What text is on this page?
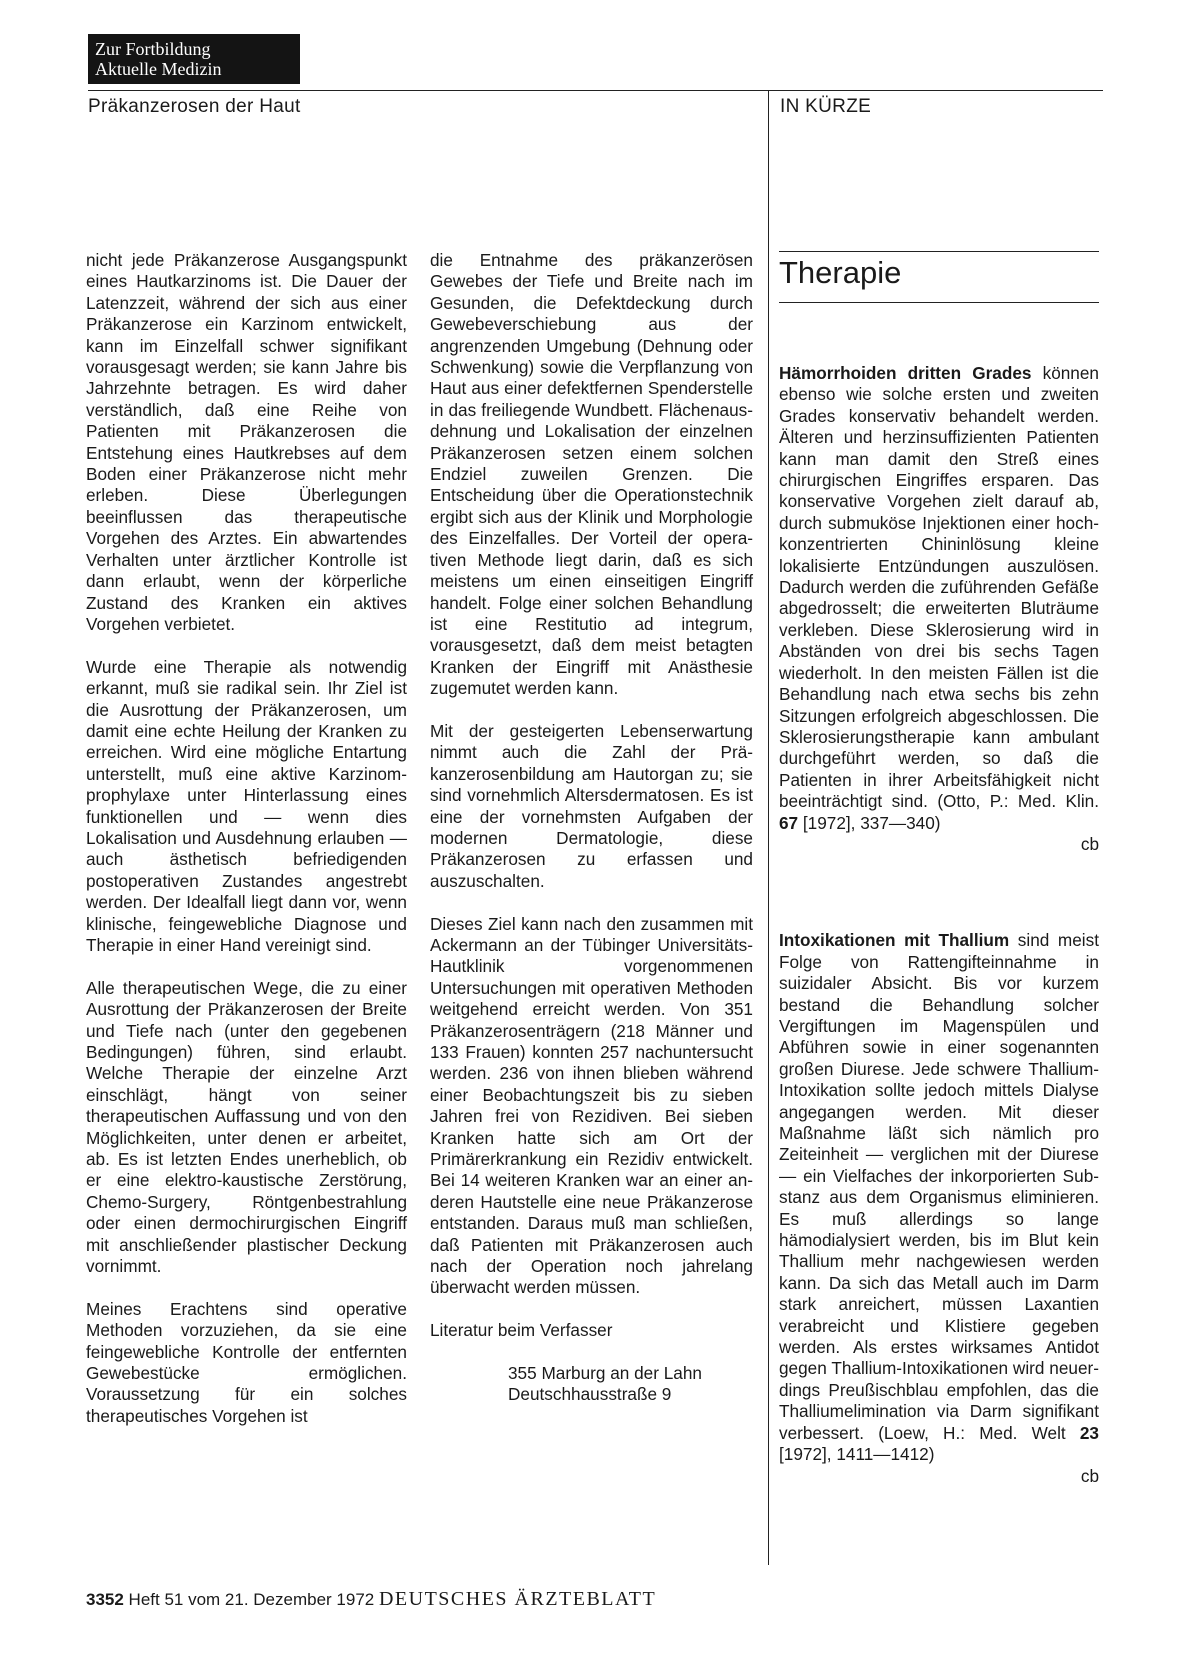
Zur Fortbildung
Aktuelle Medizin
Präkanzerosen der Haut	IN KÜRZE

nicht jede Präkanzerose Ausgangspunkt eines Hautkarzinoms ist. Die Dauer der Latenzzeit, während der sich aus einer Präkanzerose ein Karzinom entwickelt, kann im Einzelfall schwer signifikant vorausgesagt werden; sie kann Jahre bis Jahrzehnte betragen. Es wird daher verständlich, daß eine Reihe von Patienten mit Präkanzerosen die Entstehung eines Hautkrebses auf dem Boden einer Präkanzerose nicht mehr erleben. Diese Überlegungen beeinflussen das therapeutische Vorgehen des Arztes. Ein abwartendes Verhalten unter ärztlicher Kontrolle ist dann erlaubt, wenn der körperliche Zustand des Kranken ein aktives Vorgehen verbietet.

Wurde eine Therapie als notwendig erkannt, muß sie radikal sein. Ihr Ziel ist die Ausrottung der Präkanzerosen, um damit eine echte Heilung der Kranken zu erreichen. Wird eine mögliche Entartung unterstellt, muß eine aktive Karzinomprophylaxe unter Hinterlassung eines funktionellen und — wenn dies Lokalisation und Ausdehnung erlauben — auch ästhetisch befriedigenden postoperativen Zustandes angestrebt werden. Der Idealfall liegt dann vor, wenn klinische, feingewebliche Diagnose und Therapie in einer Hand vereinigt sind.

Alle therapeutischen Wege, die zu einer Ausrottung der Präkanzerosen der Breite und Tiefe nach (unter den gegebenen Bedingungen) führen, sind erlaubt. Welche Therapie der einzelne Arzt einschlägt, hängt von seiner therapeutischen Auffassung und von den Möglichkeiten, unter denen er arbeitet, ab. Es ist letzten Endes unerheblich, ob er eine elektro-kaustische Zerstörung, Chemo-Surgery, Röntgenbestrahlung oder einen dermochirurgischen Eingriff mit anschließender plastischer Deckung vornimmt.

Meines Erachtens sind operative Methoden vorzuziehen, da sie eine feingewebliche Kontrolle der entfernten Gewebestücke ermöglichen. Voraussetzung für ein solches therapeutisches Vorgehen ist

die Entnahme des präkanzerösen Gewebes der Tiefe und Breite nach im Gesunden, die Defektdeckung durch Gewebeverschiebung aus der angrenzenden Umgebung (Dehnung oder Schwenkung) sowie die Verpflanzung von Haut aus einer defektfernen Spenderstelle in das freiliegende Wundbett. Flächenausdehnung und Lokalisation der einzelnen Präkanzerosen setzen einem solchen Endziel zuweilen Grenzen. Die Entscheidung über die Operationstechnik ergibt sich aus der Klinik und Morphologie des Einzelfalles. Der Vorteil der operativen Methode liegt darin, daß es sich meistens um einen einseitigen Eingriff handelt. Folge einer solchen Behandlung ist eine Restitutio ad integrum, vorausgesetzt, daß dem meist betagten Kranken der Eingriff mit Anästhesie zugemutet werden kann.

Mit der gesteigerten Lebenserwartung nimmt auch die Zahl der Präkanzerosenbildung am Hautorgan zu; sie sind vornehmlich Altersdermatosen. Es ist eine der vornehmsten Aufgaben der modernen Dermatologie, diese Präkanzerosen zu erfassen und auszuschalten.

Dieses Ziel kann nach den zusammen mit Ackermann an der Tübinger Universitäts-Hautklinik vorgenommenen Untersuchungen mit operativen Methoden weitgehend erreicht werden. Von 351 Präkanzerosenträgern (218 Männer und 133 Frauen) konnten 257 nachuntersucht werden. 236 von ihnen blieben während einer Beobachtungszeit bis zu sieben Jahren frei von Rezidiven. Bei sieben Kranken hatte sich am Ort der Primärerkrankung ein Rezidiv entwickelt. Bei 14 weiteren Kranken war an einer anderen Hautstelle eine neue Präkanzerose entstanden. Daraus muß man schließen, daß Patienten mit Präkanzerosen auch nach der Operation noch jahrelang überwacht werden müssen.

Literatur beim Verfasser

355 Marburg an der Lahn
Deutschhausstraße 9
Therapie
Hämorrhoiden dritten Grades können ebenso wie solche ersten und zweiten Grades konservativ behandelt werden. Älteren und herzinsuffizienten Patienten kann man damit den Streß eines chirurgischen Eingriffes ersparen. Das konservative Vorgehen zielt darauf ab, durch submuköse Injektionen einer hochkonzentrierten Chininlösung kleine lokalisierte Entzündungen auszulösen. Dadurch werden die zuführenden Gefäße abgedrosselt; die erweiterten Bluträume verkleben. Diese Sklerosierung wird in Abständen von drei bis sechs Tagen wiederholt. In den meisten Fällen ist die Behandlung nach etwa sechs bis zehn Sitzungen erfolgreich abgeschlossen. Die Sklerosierungstherapie kann ambulant durchgeführt werden, so daß die Patienten in ihrer Arbeitsfähigkeit nicht beeinträchtigt sind. (Otto, P.: Med. Klin. 67 [1972], 337—340)
cb
Intoxikationen mit Thallium sind meist Folge von Rattengifteinnahme in suizidaler Absicht. Bis vor kurzem bestand die Behandlung solcher Vergiftungen im Magenspülen und Abführen sowie in einer sogenannten großen Diurese. Jede schwere Thallium-Intoxikation sollte jedoch mittels Dialyse angegangen werden. Mit dieser Maßnahme läßt sich nämlich pro Zeiteinheit — verglichen mit der Diurese — ein Vielfaches der inkorporierten Substanz aus dem Organismus eliminieren. Es muß allerdings so lange hämodialysiert werden, bis im Blut kein Thallium mehr nachgewiesen werden kann. Da sich das Metall auch im Darm stark anreichert, müssen Laxantien verabreicht und Klistiere gegeben werden. Als erstes wirksames Antidot gegen Thallium-Intoxikationen wird neuerdings Preußischblau empfohlen, das die Thalliumelimination via Darm signifikant verbessert. (Loew, H.: Med. Welt 23 [1972], 1411—1412)
cb
3352 Heft 51 vom 21. Dezember 1972 DEUTSCHES ÄRZTEBLATT
